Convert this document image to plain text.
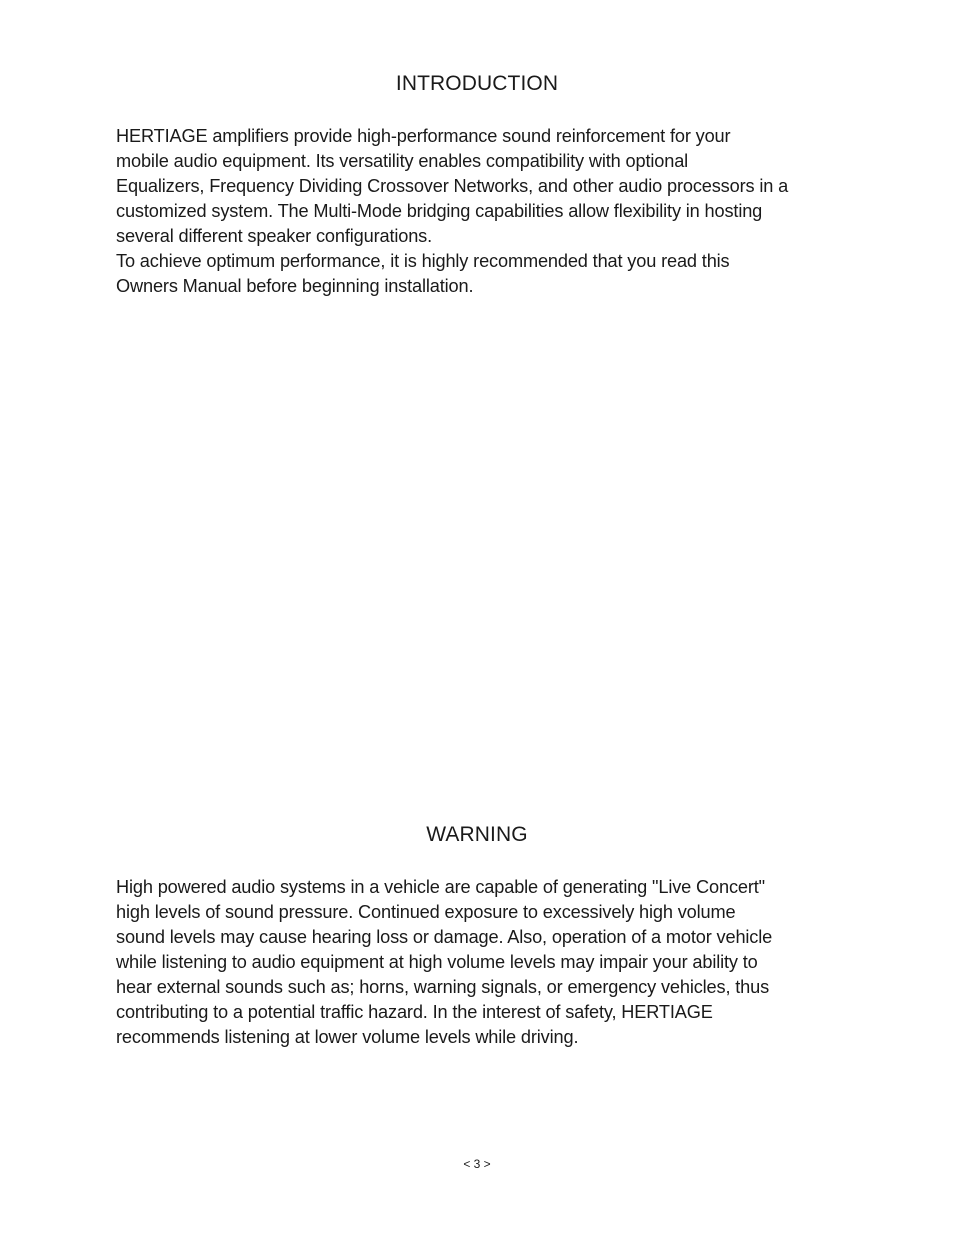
INTRODUCTION

HERTIAGE amplifiers provide high-performance sound reinforcement for your
mobile audio equipment. Its versatility enables compatibility with optional
Equalizers, Frequency Dividing Crossover Networks, and other audio processors in a
customized system. The Multi-Mode bridging capabilities allow flexibility in hosting
several different speaker configurations.
To achieve optimum performance, it is highly recommended that you read this
Owners Manual before beginning installation.

WARNING

High powered audio systems in a vehicle are capable of generating "Live Concert"
high levels of sound pressure. Continued exposure to excessively high volume
sound levels may cause hearing loss or damage. Also, operation of a motor vehicle
while listening to audio equipment at high volume levels may impair your ability to
hear external sounds such as; horns, warning signals, or emergency vehicles, thus
contributing to a potential traffic hazard. In the interest of safety, HERTIAGE
recommends listening at lower volume levels while driving.

< 3 >
